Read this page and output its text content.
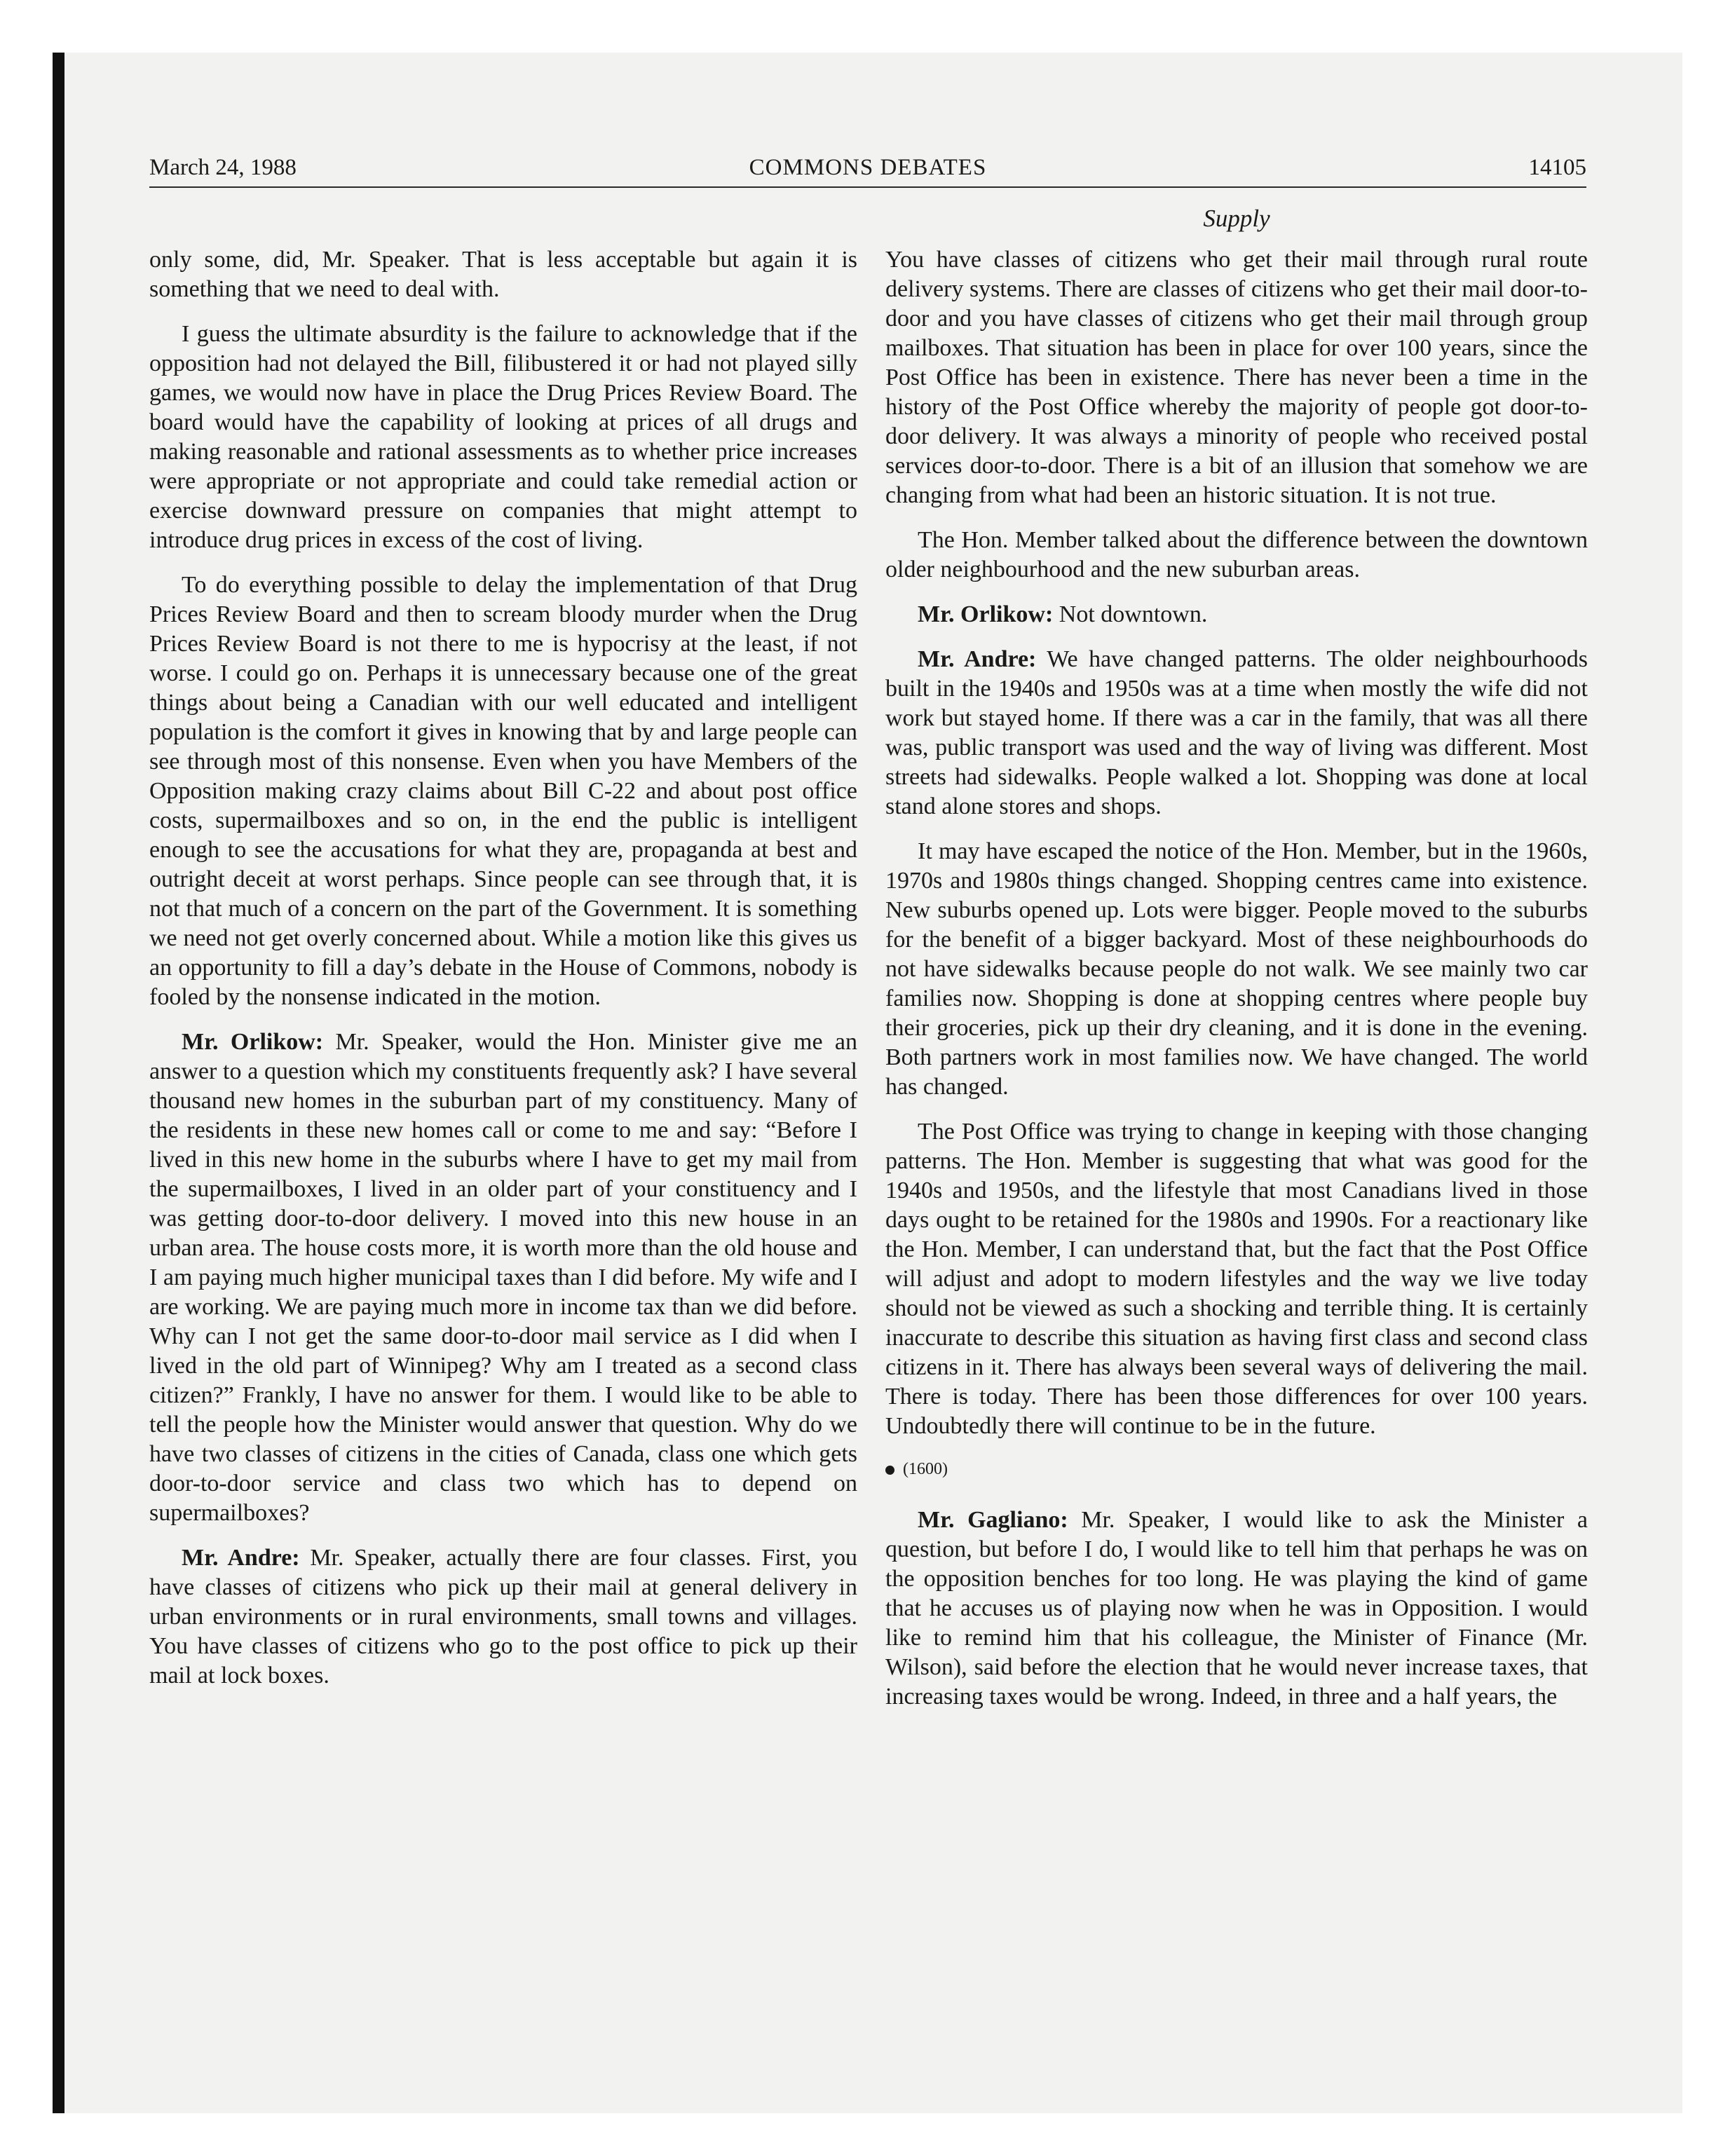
March 24, 1988	COMMONS DEBATES	14105
Supply

only some, did, Mr. Speaker. That is less acceptable but again it is something that we need to deal with.

I guess the ultimate absurdity is the failure to acknowledge that if the opposition had not delayed the Bill, filibustered it or had not played silly games, we would now have in place the Drug Prices Review Board. The board would have the capability of looking at prices of all drugs and making reasonable and rational assessments as to whether price increases were appropriate or not appropriate and could take remedial action or exercise downward pressure on companies that might attempt to introduce drug prices in excess of the cost of living.

To do everything possible to delay the implementation of that Drug Prices Review Board and then to scream bloody murder when the Drug Prices Review Board is not there to me is hypocrisy at the least, if not worse. I could go on. Perhaps it is unnecessary because one of the great things about being a Canadian with our well educated and intelligent population is the comfort it gives in knowing that by and large people can see through most of this nonsense. Even when you have Members of the Opposition making crazy claims about Bill C-22 and about post office costs, supermailboxes and so on, in the end the public is intelligent enough to see the accusations for what they are, propaganda at best and outright deceit at worst perhaps. Since people can see through that, it is not that much of a concern on the part of the Government. It is something we need not get overly concerned about. While a motion like this gives us an opportunity to fill a day’s debate in the House of Commons, nobody is fooled by the nonsense indicated in the motion.

Mr. Orlikow: Mr. Speaker, would the Hon. Minister give me an answer to a question which my constituents frequently ask? I have several thousand new homes in the suburban part of my constituency. Many of the residents in these new homes call or come to me and say: “Before I lived in this new home in the suburbs where I have to get my mail from the supermailboxes, I lived in an older part of your constituency and I was getting door-to-door delivery. I moved into this new house in an urban area. The house costs more, it is worth more than the old house and I am paying much higher municipal taxes than I did before. My wife and I are working. We are paying much more in income tax than we did before. Why can I not get the same door-to-door mail service as I did when I lived in the old part of Winnipeg? Why am I treated as a second class citizen?” Frankly, I have no answer for them. I would like to be able to tell the people how the Minister would answer that question. Why do we have two classes of citizens in the cities of Canada, class one which gets door-to-door service and class two which has to depend on supermailboxes?

Mr. Andre: Mr. Speaker, actually there are four classes. First, you have classes of citizens who pick up their mail at general delivery in urban environments or in rural environments, small towns and villages. You have classes of citizens who go to the post office to pick up their mail at lock boxes.

You have classes of citizens who get their mail through rural route delivery systems. There are classes of citizens who get their mail door-to-door and you have classes of citizens who get their mail through group mailboxes. That situation has been in place for over 100 years, since the Post Office has been in existence. There has never been a time in the history of the Post Office whereby the majority of people got door-to-door delivery. It was always a minority of people who received postal services door-to-door. There is a bit of an illusion that somehow we are changing from what had been an historic situation. It is not true.

The Hon. Member talked about the difference between the downtown older neighbourhood and the new suburban areas.

Mr. Orlikow: Not downtown.

Mr. Andre: We have changed patterns. The older neighbourhoods built in the 1940s and 1950s was at a time when mostly the wife did not work but stayed home. If there was a car in the family, that was all there was, public transport was used and the way of living was different. Most streets had sidewalks. People walked a lot. Shopping was done at local stand alone stores and shops.

It may have escaped the notice of the Hon. Member, but in the 1960s, 1970s and 1980s things changed. Shopping centres came into existence. New suburbs opened up. Lots were bigger. People moved to the suburbs for the benefit of a bigger backyard. Most of these neighbourhoods do not have sidewalks because people do not walk. We see mainly two car families now. Shopping is done at shopping centres where people buy their groceries, pick up their dry cleaning, and it is done in the evening. Both partners work in most families now. We have changed. The world has changed.

The Post Office was trying to change in keeping with those changing patterns. The Hon. Member is suggesting that what was good for the 1940s and 1950s, and the lifestyle that most Canadians lived in those days ought to be retained for the 1980s and 1990s. For a reactionary like the Hon. Member, I can understand that, but the fact that the Post Office will adjust and adopt to modern lifestyles and the way we live today should not be viewed as such a shocking and terrible thing. It is certainly inaccurate to describe this situation as having first class and second class citizens in it. There has always been several ways of delivering the mail. There is today. There has been those differences for over 100 years. Undoubtedly there will continue to be in the future.

(1600)

Mr. Gagliano: Mr. Speaker, I would like to ask the Minister a question, but before I do, I would like to tell him that perhaps he was on the opposition benches for too long. He was playing the kind of game that he accuses us of playing now when he was in Opposition. I would like to remind him that his colleague, the Minister of Finance (Mr. Wilson), said before the election that he would never increase taxes, that increasing taxes would be wrong. Indeed, in three and a half years, the
